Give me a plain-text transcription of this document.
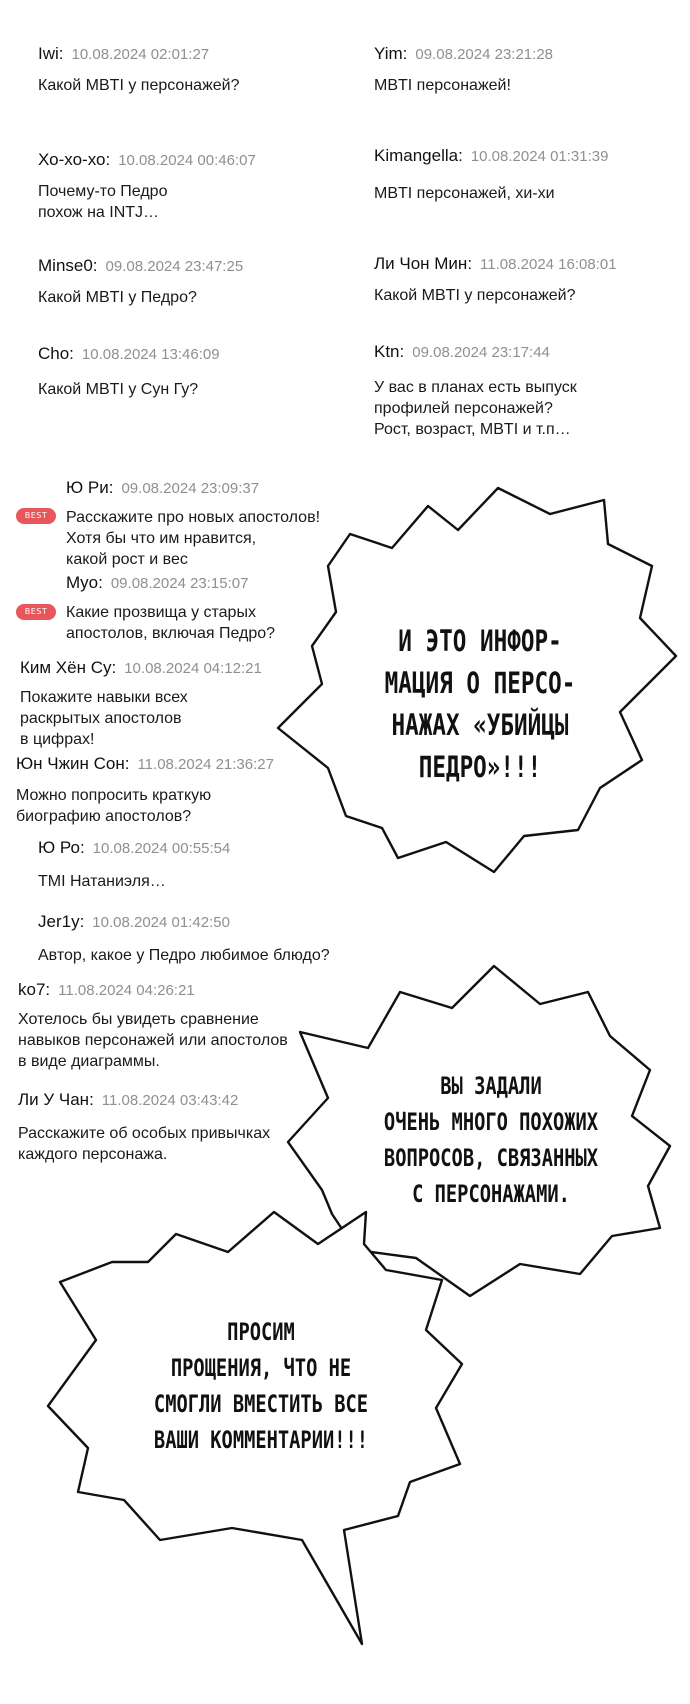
Iwi: 10.08.2024 02:01:27
Какой MBTI у персонажей?
Yim: 09.08.2024 23:21:28
MBTI персонажей!
Хо-хо-хо: 10.08.2024 00:46:07
Почему-то Педро
похож на INTJ…
Kimangella: 10.08.2024 01:31:39
MBTI персонажей, хи-хи
Minse0: 09.08.2024 23:47:25
Какой MBTI у Педро?
Ли Чон Мин: 11.08.2024 16:08:01
Какой MBTI у персонажей?
Cho: 10.08.2024 13:46:09
Какой MBTI у Сун Гу?
Ktn: 09.08.2024 23:17:44
У вас в планах есть выпуск
профилей персонажей?
Рост, возраст, MBTI и т.п…
BEST
Ю Ри: 09.08.2024 23:09:37
Расскажите про новых апостолов!
Хотя бы что им нравится,
какой рост и вес
BEST
Myo: 09.08.2024 23:15:07
Какие прозвища у старых
апостолов, включая Педро?
Ким Хён Су: 10.08.2024 04:12:21
Покажите навыки всех
раскрытых апостолов
в цифрах!
Юн Чжин Сон: 11.08.2024 21:36:27
Можно попросить краткую
биографию апостолов?
Ю Ро: 10.08.2024 00:55:54
TMI Натаниэля…
Jer1y: 10.08.2024 01:42:50
Автор, какое у Педро любимое блюдо?
ko7: 11.08.2024 04:26:21
Хотелось бы увидеть сравнение
навыков персонажей или апостолов
в виде диаграммы.
Ли У Чан: 11.08.2024 03:43:42
Расскажите об особых привычках
каждого персонажа.
И ЭТО ИНФОР-
МАЦИЯ О ПЕРСО-
НАЖАХ «УБИЙЦЫ
ПЕДРО»!!!
ВЫ ЗАДАЛИ
ОЧЕНЬ МНОГО ПОХОЖИХ
ВОПРОСОВ, СВЯЗАННЫХ
С ПЕРСОНАЖАМИ.
ПРОСИМ
ПРОЩЕНИЯ, ЧТО НЕ
СМОГЛИ ВМЕСТИТЬ ВСЕ
ВАШИ КОММЕНТАРИИ!!!
